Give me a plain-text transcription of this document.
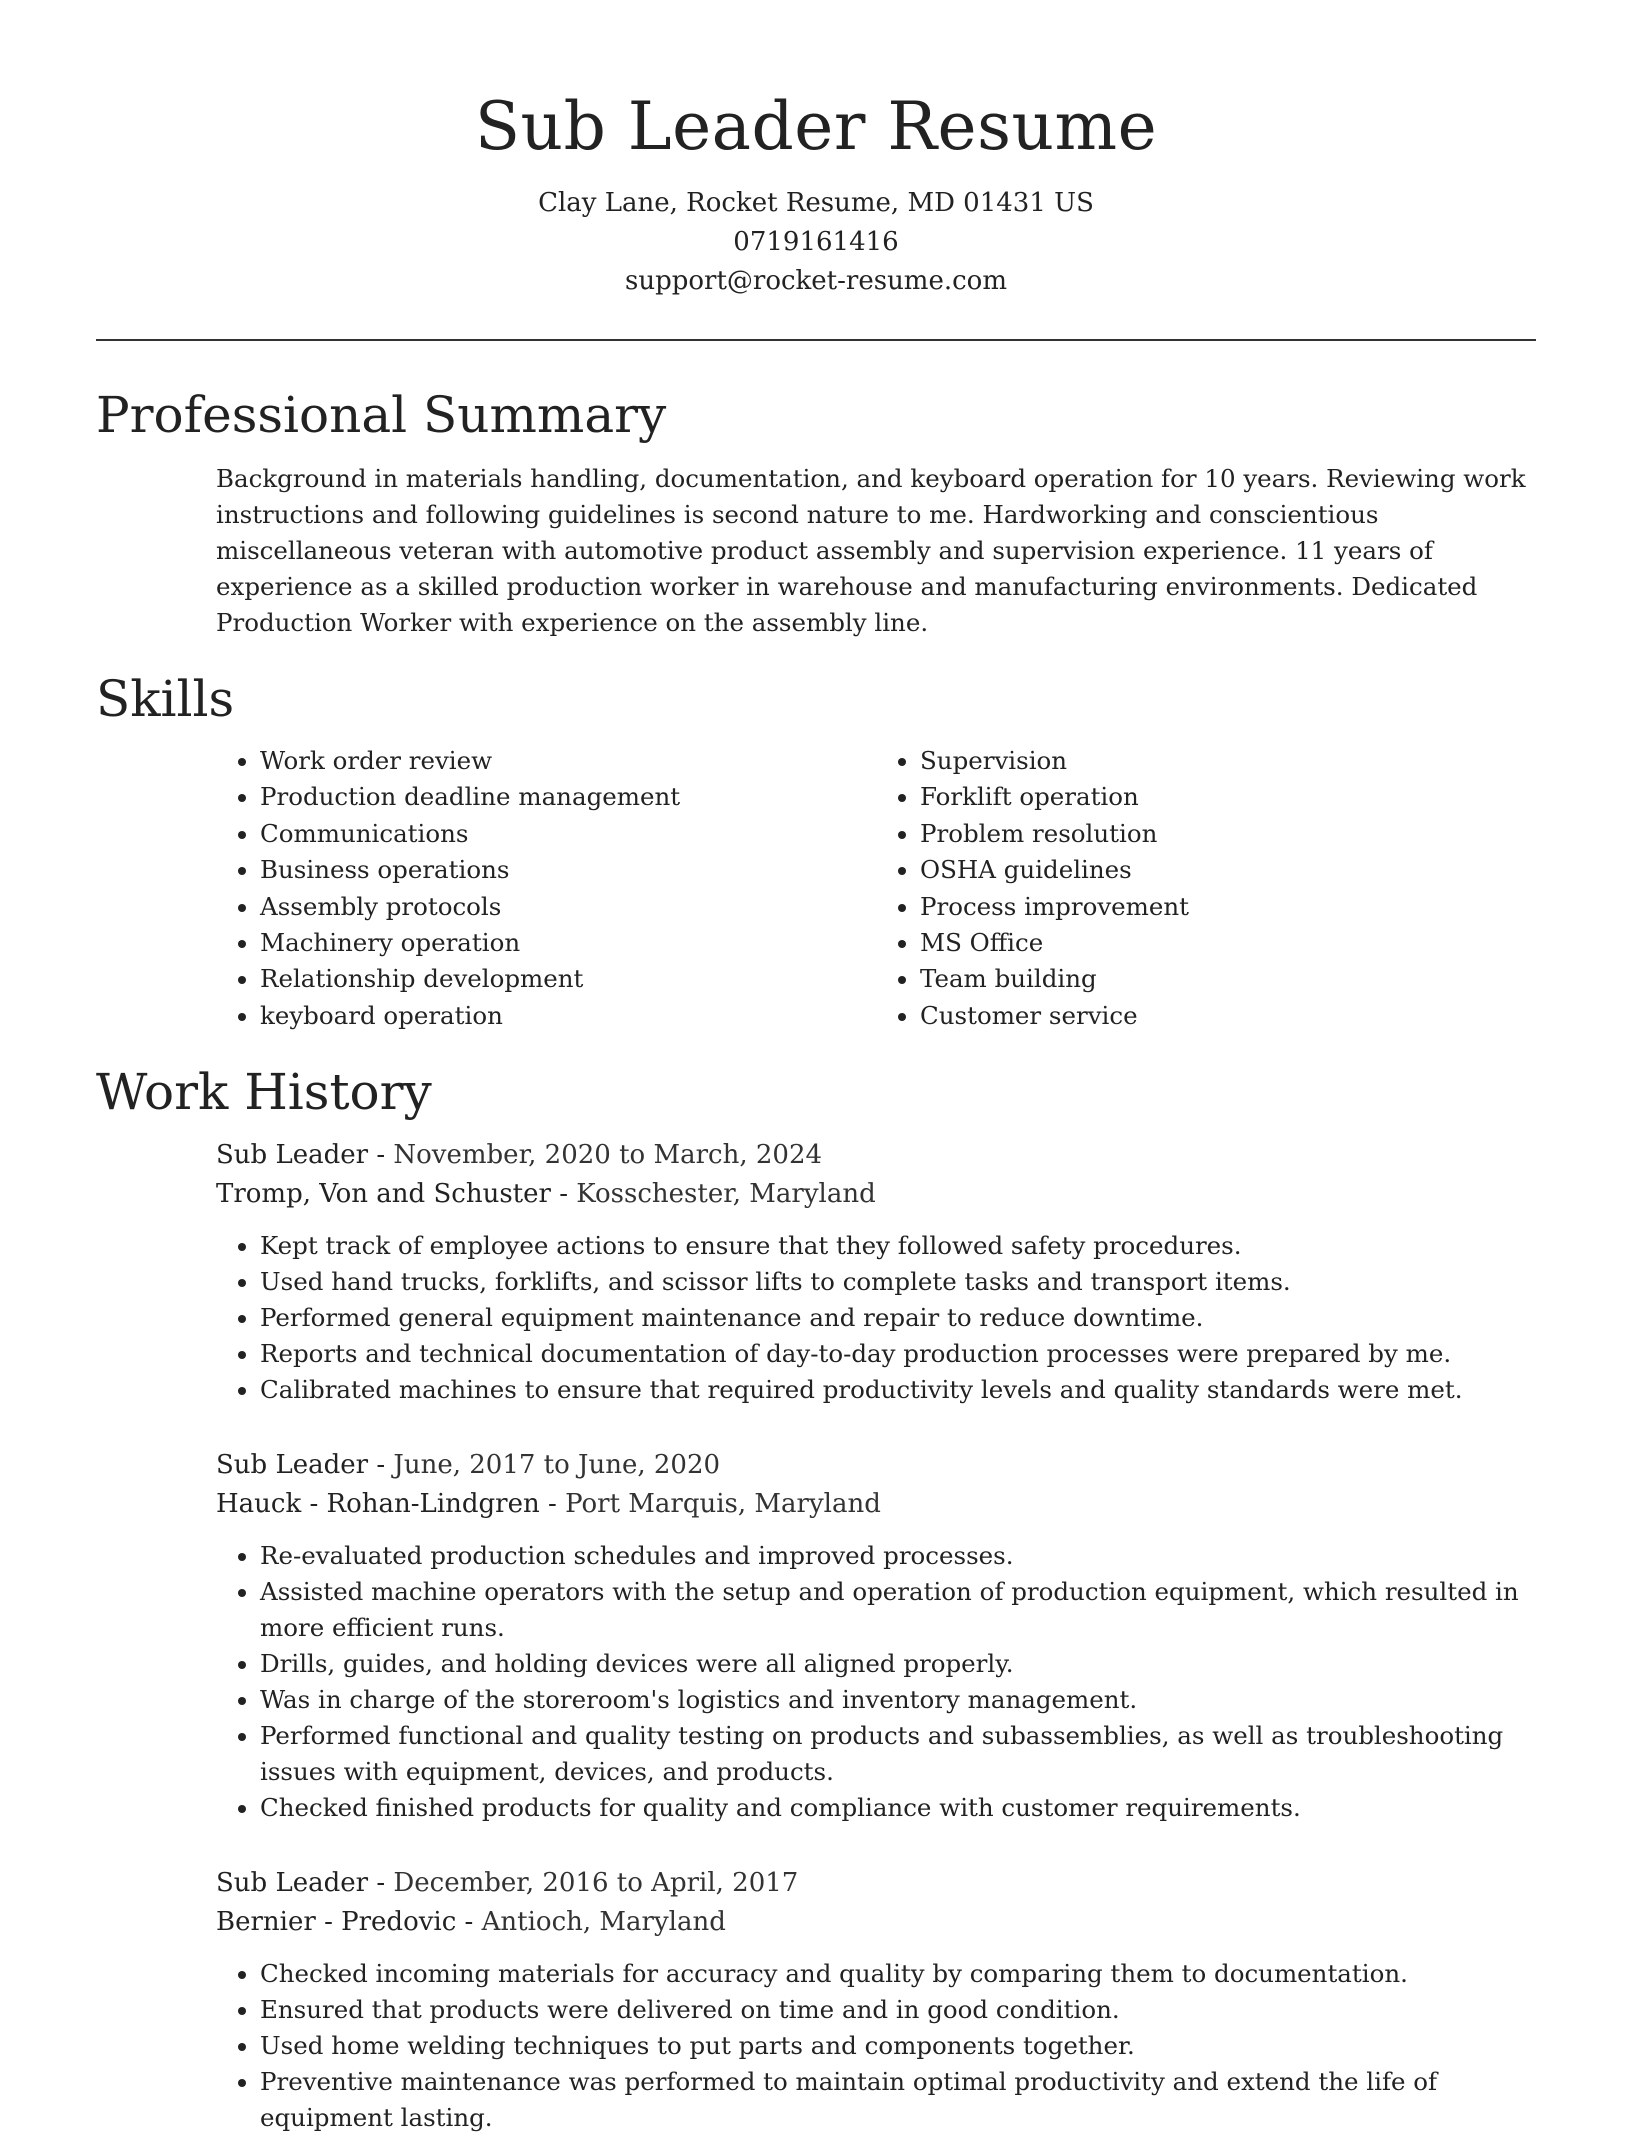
Sub Leader Resume

Clay Lane, Rocket Resume, MD 01431 US

0719161416

support@rocket-resume.com

Professional Summary

Background in materials handling, documentation, and keyboard operation for 10 years. Reviewing work instructions and following guidelines is second nature to me. Hardworking and conscientious miscellaneous veteran with automotive product assembly and supervision experience. 11 years of experience as a skilled production worker in warehouse and manufacturing environments. Dedicated Production Worker with experience on the assembly line.

Skills
• Work order review
• Production deadline management
• Communications
• Business operations
• Assembly protocols
• Machinery operation
• Relationship development
• keyboard operation
• Supervision
• Forklift operation
• Problem resolution
• OSHA guidelines
• Process improvement
• MS Office
• Team building
• Customer service
Work History

Sub Leader - November, 2020 to March, 2024

Tromp, Von and Schuster - Kosschester, Maryland

• Kept track of employee actions to ensure that they followed safety procedures.
• Used hand trucks, forklifts, and scissor lifts to complete tasks and transport items.
• Performed general equipment maintenance and repair to reduce downtime.
• Reports and technical documentation of day-to-day production processes were prepared by me.
• Calibrated machines to ensure that required productivity levels and quality standards were met.

Sub Leader - June, 2017 to June, 2020

Hauck - Rohan-Lindgren - Port Marquis, Maryland

• Re-evaluated production schedules and improved processes.
• Assisted machine operators with the setup and operation of production equipment, which resulted in more efficient runs.
• Drills, guides, and holding devices were all aligned properly.
• Was in charge of the storeroom's logistics and inventory management.
• Performed functional and quality testing on products and subassemblies, as well as troubleshooting issues with equipment, devices, and products.
• Checked finished products for quality and compliance with customer requirements.

Sub Leader - December, 2016 to April, 2017

Bernier - Predovic - Antioch, Maryland

• Checked incoming materials for accuracy and quality by comparing them to documentation.
• Ensured that products were delivered on time and in good condition.
• Used home welding techniques to put parts and components together.
• Preventive maintenance was performed to maintain optimal productivity and extend the life of equipment lasting.
